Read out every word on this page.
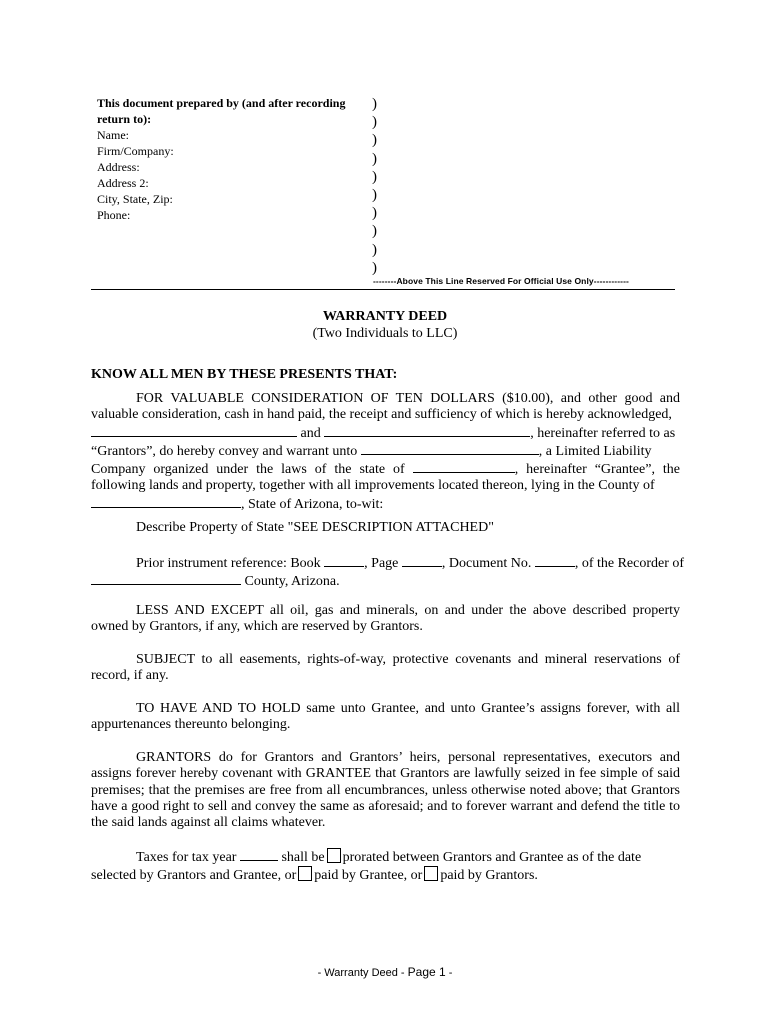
This document prepared by (and after recording
return to):
Name:
Firm/Company:
Address:
Address 2:
City, State, Zip:
Phone:
)
)
)
)
)
)
)
)
)
)
--------Above This Line Reserved For Official Use Only------------
WARRANTY DEED
(Two Individuals to LLC)
KNOW ALL MEN BY THESE PRESENTS THAT:
FOR VALUABLE CONSIDERATION OF TEN DOLLARS ($10.00), and other good and valuable consideration, cash in hand paid, the receipt and sufficiency of which is hereby acknowledged,
and	, hereinafter referred to as
“Grantors”, do hereby convey and warrant unto	, a Limited Liability
Company organized under the laws of the state of	, hereinafter “Grantee”, the following lands and property, together with all improvements located thereon, lying in the County of
, State of Arizona, to-wit:
Describe Property of State "SEE DESCRIPTION ATTACHED"
Prior instrument reference: Book	, Page	, Document No.	, of the Recorder of
County, Arizona.
LESS AND EXCEPT all oil, gas and minerals, on and under the above described property owned by Grantors, if any, which are reserved by Grantors.
SUBJECT to all easements, rights-of-way, protective covenants and mineral reservations of record, if any.
TO HAVE AND TO HOLD same unto Grantee, and unto Grantee’s assigns forever, with all appurtenances thereunto belonging.
GRANTORS do for Grantors and Grantors’ heirs, personal representatives, executors and assigns forever hereby covenant with GRANTEE that Grantors are lawfully seized in fee simple of said premises; that the premises are free from all encumbrances, unless otherwise noted above; that Grantors have a good right to sell and convey the same as aforesaid; and to forever warrant and defend the title to the said lands against all claims whatever.
Taxes for tax year	shall be prorated between Grantors and Grantee as of the date selected by Grantors and Grantee, or paid by Grantee, or paid by Grantors.
- Warranty Deed - Page 1 -
